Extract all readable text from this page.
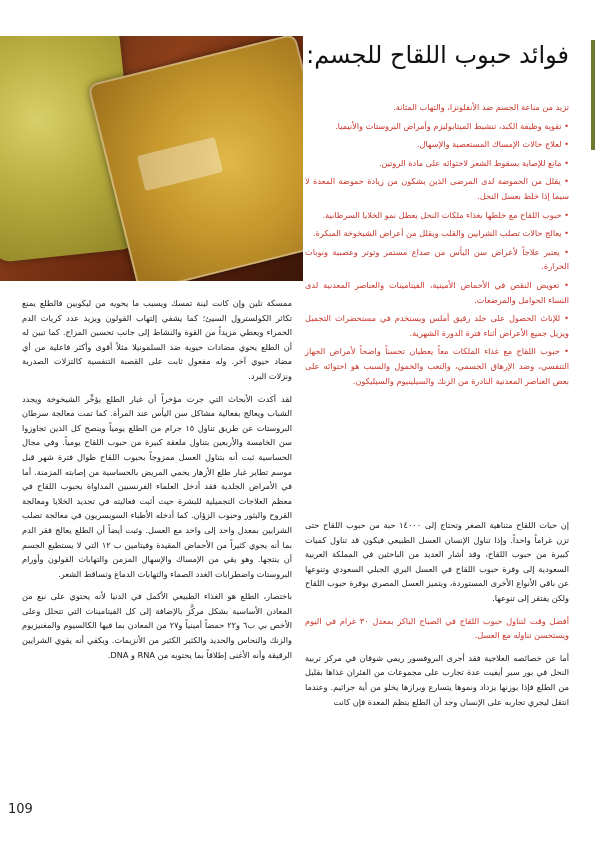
فوائد حبوب اللقاح للجسم:
تزيد من مناعة الجسم ضد الأنفلونزا، والتهاب المثانة.
• تقوية وظيفة الكبد، تنشيط الميتابوليزم وأمراض البروستات والأنيميا.
• لعلاج حالات الإمساك المستعصية والإسهال.
• مانع للإصابة بسقوط الشعر لاحتوائه على مادة الروتين.
• يقلل من الحموضة لدى المرضى الذين يشكون من زيادة حموضة المعدة لا سيما إذا خلط بعسل النحل.
• حبوب اللقاح مع خلطها بغذاء ملكات النحل يعطل نمو الخلايا السرطانية.
• يعالج حالات تصلب الشرايين والقلب ويقلل من أعراض الشيخوخة المبكرة.
• يعتبر علاجاً لأعراض سن اليأس من صداع مستمر وتوتر وعصبية ونوبات الحرارة.
• تعويض النقص في الأحماض الأمينية، الفيتامينات والعناصر المعدنية لدى النساء الحوامل والمرضعات.
• للإناث الحصول على جلد رقيق أملس ويستخدم في مستحضرات التجميل ويزيل جميع الأعراض أثناء فترة الدورة الشهرية.
• حبوب اللقاح مع غذاء الملكات معاً يعطيان تحسناً واضحاً لأمراض الجهاز التنفسي، وضد الإرهاق الجسمي، والتعب والخمول والسبب هو احتوائه على بعض العناصر المعدنية النادرة من الزنك والسيلينيوم والسيليكون.

إن حبات اللقاح متناهية الصغر وتحتاج إلى ١٤٠٠٠ حبة من حبوب اللقاح حتى تزن غراماً واحداً. وإذا تناول الإنسان العسل الطبيعي فيكون قد تناول كميات كبيرة من حبوب اللقاح، وقد أشار العديد من الباحثين في المملكة العربية السعودية إلى وفرة حبوب اللقاح في العسل البري الجبلي السعودي وتنوعها عن باقي الأنواع الأخرى المستوردة، ويتميز العسل المصري بوفرة حبوب اللقاح ولكن يفتقر إلى تنوعها.

أفضل وقت لتناول حبوب اللقاح في الصباح الباكر بمعدل ٣٠ غرام في اليوم ويستحسن تناوله مع العسل.

أما عن خصائصه العلاجية فقد أجرى البروفسور ريمي شوفان في مركز تربية النحل في بور سير أيفيت عدة تجارب على مجموعات من الفئران غذاها بقليل من الطلع فإذا بوزنها يزداد ونموها يتسارع وبرازها يخلو من أية جراثيم. وعندما انتقل ليجري تجاربه على الإنسان وجد أن الطلع ينظم المعدة فإن كانت

ممسكة تلين وإن كانت لينة تمسك ويسبب ما يحويه من ليكوبين فالطلع يمنع تكاثر الكولسترول السيئ؛ كما يشفي إلتهاب القولون ويزيد عدد كريات الدم الحمراء ويعطي مزيداً من القوة والنشاط إلى جانب تحسين المزاج. كما تبين له أن الطلع يحوي مضادات حيوية ضد السلمونيلا مثلاً أقوى وأكثر فاعلية من أي مضاد حيوي آخر. وله مفعول ثابت على القصبة التنفسية كالتزلات الصدرية ونزلات البرد.

لقد أكدت الأبحاث التي جرت مؤخراً أن غبار الطلع يؤخِّر الشيخوخة ويجدد الشباب ويعالج بفعالية مشاكل سن اليأس عند المرأة. كما تمت معالجة سرطان البروستات عن طريق تناول ١٥ جرام من الطلع يومياً وينصح كل الذين تجاوزوا سن الخامسة والأربعين بتناول ملعقة كبيرة من حبوب اللقاح يومياً. وفي مجال الحساسية ثبت أنه بتناول العسل ممزوجاً بحبوب اللقاح طوال فترة شهر قبل موسم تطاير غبار طلع الأزهار يحمي المريض بالحساسية من إصابته المزمنة. أما في الأمراض الجلدية فقد أدخل العلماء الفرنسيين المداواة بحبوب اللقاح في معظم العلاجات التجميلية للبشرة حيث أثبت فعاليته في تجديد الخلايا ومعالجة القروح والبثور وحبوب الزؤان. كما أدخله الأطباء السويسريون في معالجة تصلب الشرايين بمعدل واحد إلى واحد مع العسل. وثبت أيضاً أن الطلع يعالج فقر الدم بما أنه يحوي كثيراً من الأحماض المقيدة وفيتامين ب ١٢ التي لا يستطيع الجسم أن ينتجها. وهو يقي من الإمساك والإسهال المزمن والتهابات القولون وأورام البروستات واضطرابات الغدد الصماء والتهابات الدماغ وتساقط الشعر.

باختصار، الطلع هو الغذاء الطبيعي الأكمل في الدنيا لأنه يحتوي على نبع من المعادن الأساسية بشكل مركَّز بالإضافة إلى كل الفيتامينات التي تتحلل وعلى الأخص بي ب٦ و٢٢ حمضاً أمينياً و٢٧ من المعادن بما فيها الكالسيوم والمغنيزيوم والزنك والنحاس والحديد والكثير الكثير من الأنزيمات. ويكفي أنه يقوي الشرايين الرقيقة وأنه الأغنى إطلاقاً بما يحتويه من RNA و DNA.

109
